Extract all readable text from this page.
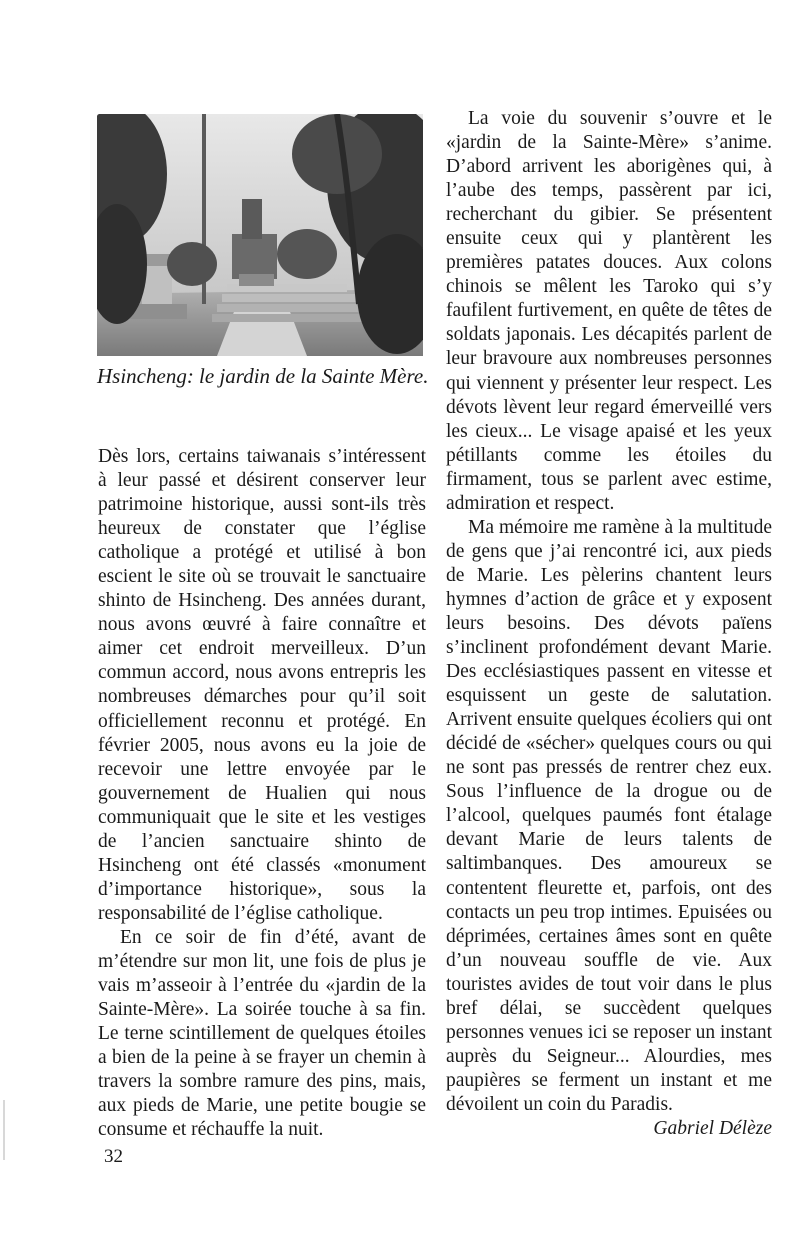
Hsincheng: le jardin de la Sainte Mère.

Dès lors, certains taiwanais s’intéressent à leur passé et désirent conserver leur patrimoine historique, aussi sont-ils très heureux de constater que l’église catholique a protégé et utilisé à bon escient le site où se trouvait le sanctuaire shinto de Hsincheng. Des années durant, nous avons œuvré à faire connaître et aimer cet endroit merveilleux. D’un commun accord, nous avons entrepris les nombreuses démarches pour qu’il soit officiellement reconnu et protégé. En février 2005, nous avons eu la joie de recevoir une lettre envoyée par le gouvernement de Hualien qui nous communiquait que le site et les vestiges de l’ancien sanctuaire shinto de Hsincheng ont été classés «monument d’importance historique», sous la responsabilité de l’église catholique.

En ce soir de fin d’été, avant de m’étendre sur mon lit, une fois de plus je vais m’asseoir à l’entrée du «jardin de la Sainte-Mère». La soirée touche à sa fin. Le terne scintillement de quelques étoiles a bien de la peine à se frayer un chemin à travers la sombre ramure des pins, mais, aux pieds de Marie, une petite bougie se consume et réchauffe la nuit.

La voie du souvenir s’ouvre et le «jardin de la Sainte-Mère» s’anime. D’abord arrivent les aborigènes qui, à l’aube des temps, passèrent par ici, recherchant du gibier. Se présentent ensuite ceux qui y plantèrent les premières patates douces. Aux colons chinois se mêlent les Taroko qui s’y faufilent furtivement, en quête de têtes de soldats japonais. Les décapités parlent de leur bravoure aux nombreuses personnes qui viennent y présenter leur respect. Les dévots lèvent leur regard émerveillé vers les cieux... Le visage apaisé et les yeux pétillants comme les étoiles du firmament, tous se parlent avec estime, admiration et respect.

Ma mémoire me ramène à la multitude de gens que j’ai rencontré ici, aux pieds de Marie. Les pèlerins chantent leurs hymnes d’action de grâce et y exposent leurs besoins. Des dévots païens s’inclinent profondément devant Marie. Des ecclésiastiques passent en vitesse et esquissent un geste de salutation. Arrivent ensuite quelques écoliers qui ont décidé de «sécher» quelques cours ou qui ne sont pas pressés de rentrer chez eux. Sous l’influence de la drogue ou de l’alcool, quelques paumés font étalage devant Marie de leurs talents de saltimbanques. Des amoureux se contentent fleurette et, parfois, ont des contacts un peu trop intimes. Epuisées ou déprimées, certaines âmes sont en quête d’un nouveau souffle de vie. Aux touristes avides de tout voir dans le plus bref délai, se succèdent quelques personnes venues ici se reposer un instant auprès du Seigneur... Alourdies, mes paupières se ferment un instant et me dévoilent un coin du Paradis.

Gabriel Délèze
32
